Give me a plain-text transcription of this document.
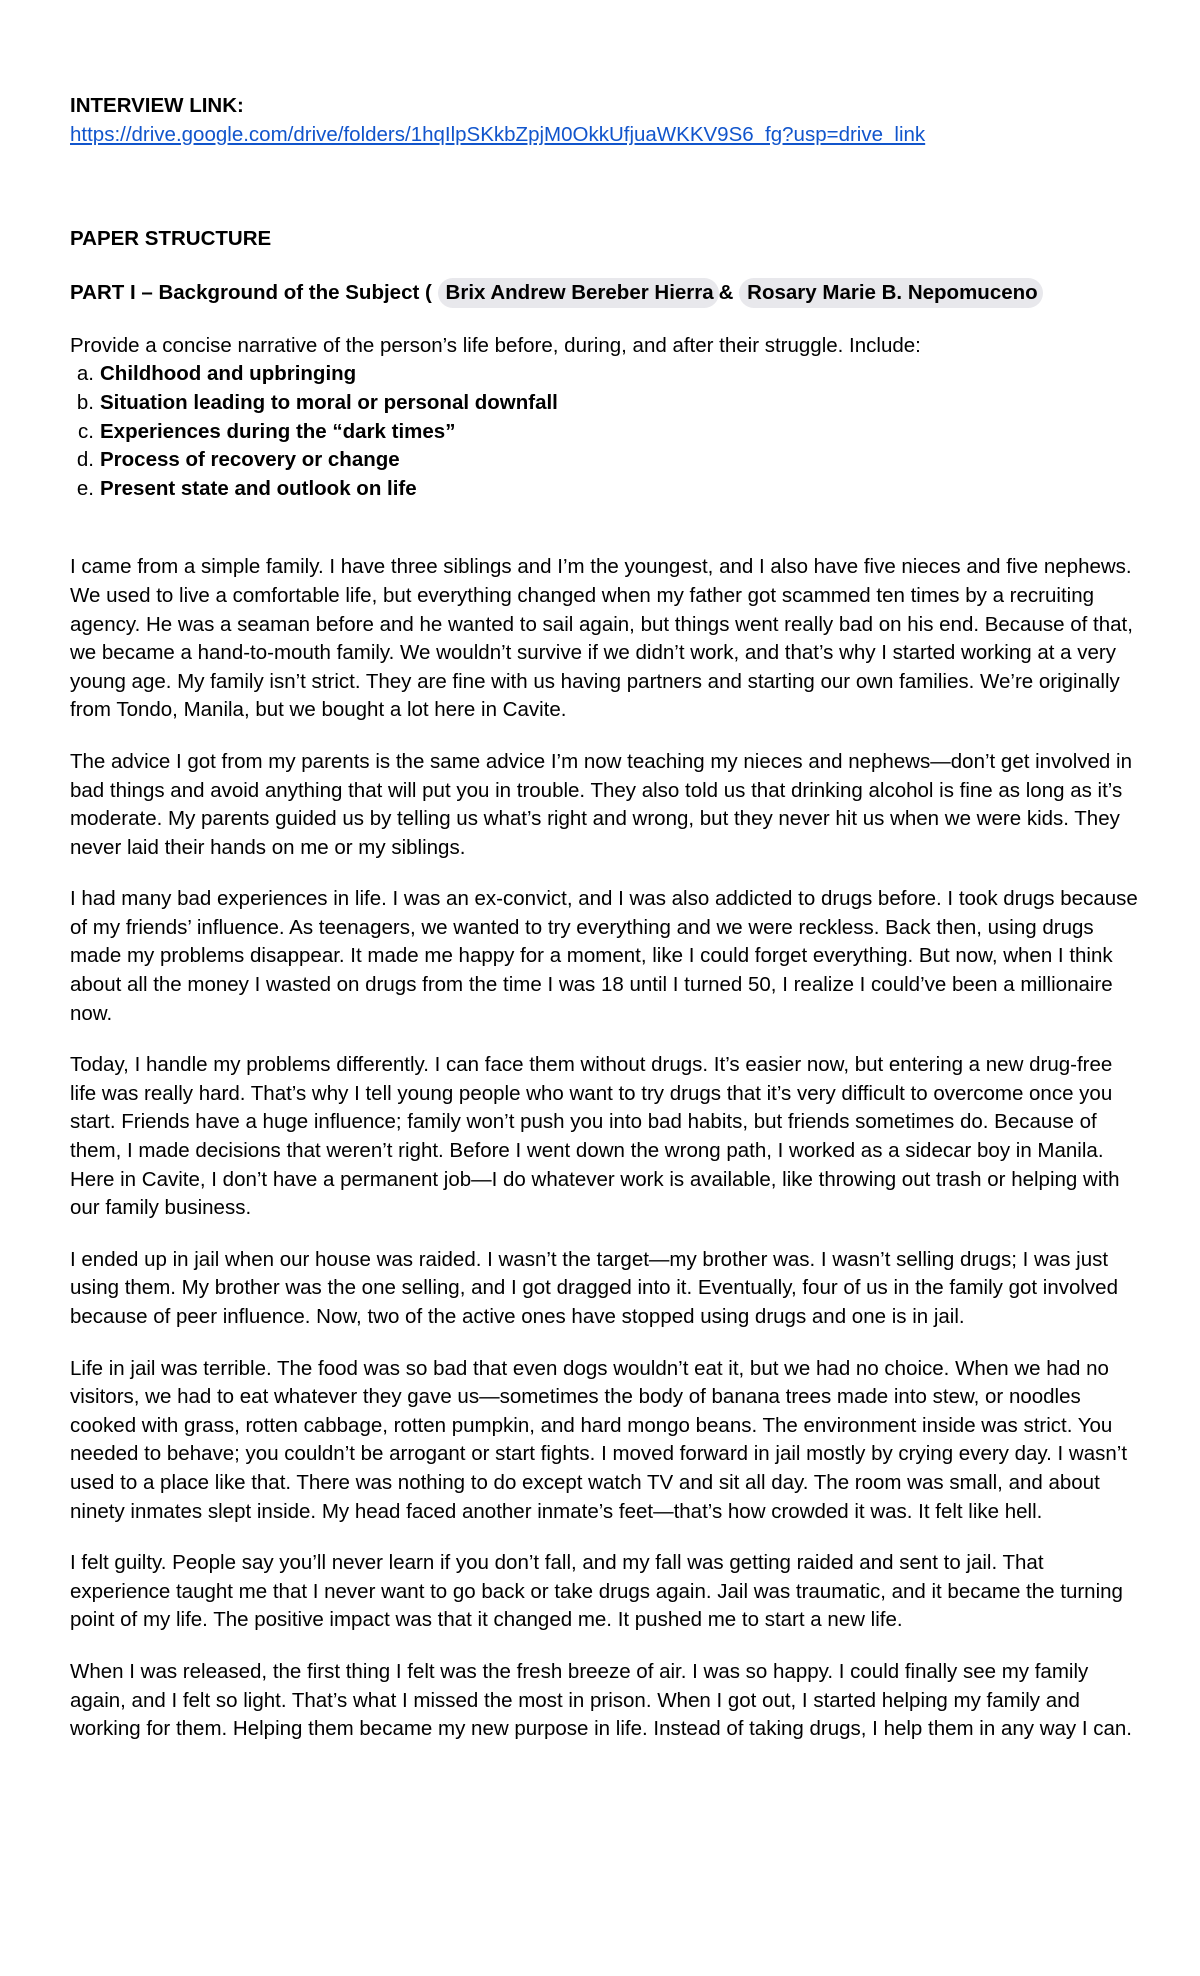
INTERVIEW LINK:

https://drive.google.com/drive/folders/1hqIlpSKkbZpjM0OkkUfjuaWKKV9S6_fg?usp=drive_link

PAPER STRUCTURE

PART I – Background of the Subject ( Brix Andrew Bereber Hierra & Rosary Marie B. Nepomuceno

Provide a concise narrative of the person’s life before, during, and after their struggle. Include:

a. Childhood and upbringing
b. Situation leading to moral or personal downfall
c. Experiences during the “dark times”
d. Process of recovery or change
e. Present state and outlook on life

I came from a simple family. I have three siblings and I’m the youngest, and I also have five nieces and five nephews. We used to live a comfortable life, but everything changed when my father got scammed ten times by a recruiting agency. He was a seaman before and he wanted to sail again, but things went really bad on his end. Because of that, we became a hand-to-mouth family. We wouldn’t survive if we didn’t work, and that’s why I started working at a very young age. My family isn’t strict. They are fine with us having partners and starting our own families. We’re originally from Tondo, Manila, but we bought a lot here in Cavite.

The advice I got from my parents is the same advice I’m now teaching my nieces and nephews—don’t get involved in bad things and avoid anything that will put you in trouble. They also told us that drinking alcohol is fine as long as it’s moderate. My parents guided us by telling us what’s right and wrong, but they never hit us when we were kids. They never laid their hands on me or my siblings.

I had many bad experiences in life. I was an ex-convict, and I was also addicted to drugs before. I took drugs because of my friends’ influence. As teenagers, we wanted to try everything and we were reckless. Back then, using drugs made my problems disappear. It made me happy for a moment, like I could forget everything. But now, when I think about all the money I wasted on drugs from the time I was 18 until I turned 50, I realize I could’ve been a millionaire now.

Today, I handle my problems differently. I can face them without drugs. It’s easier now, but entering a new drug-free life was really hard. That’s why I tell young people who want to try drugs that it’s very difficult to overcome once you start. Friends have a huge influence; family won’t push you into bad habits, but friends sometimes do. Because of them, I made decisions that weren’t right. Before I went down the wrong path, I worked as a sidecar boy in Manila. Here in Cavite, I don’t have a permanent job—I do whatever work is available, like throwing out trash or helping with our family business.

I ended up in jail when our house was raided. I wasn’t the target—my brother was. I wasn’t selling drugs; I was just using them. My brother was the one selling, and I got dragged into it. Eventually, four of us in the family got involved because of peer influence. Now, two of the active ones have stopped using drugs and one is in jail.

Life in jail was terrible. The food was so bad that even dogs wouldn’t eat it, but we had no choice. When we had no visitors, we had to eat whatever they gave us—sometimes the body of banana trees made into stew, or noodles cooked with grass, rotten cabbage, rotten pumpkin, and hard mongo beans. The environment inside was strict. You needed to behave; you couldn’t be arrogant or start fights. I moved forward in jail mostly by crying every day. I wasn’t used to a place like that. There was nothing to do except watch TV and sit all day. The room was small, and about ninety inmates slept inside. My head faced another inmate’s feet—that’s how crowded it was. It felt like hell.

I felt guilty. People say you’ll never learn if you don’t fall, and my fall was getting raided and sent to jail. That experience taught me that I never want to go back or take drugs again. Jail was traumatic, and it became the turning point of my life. The positive impact was that it changed me. It pushed me to start a new life.

When I was released, the first thing I felt was the fresh breeze of air. I was so happy. I could finally see my family again, and I felt so light. That’s what I missed the most in prison. When I got out, I started helping my family and working for them. Helping them became my new purpose in life. Instead of taking drugs, I help them in any way I can.
